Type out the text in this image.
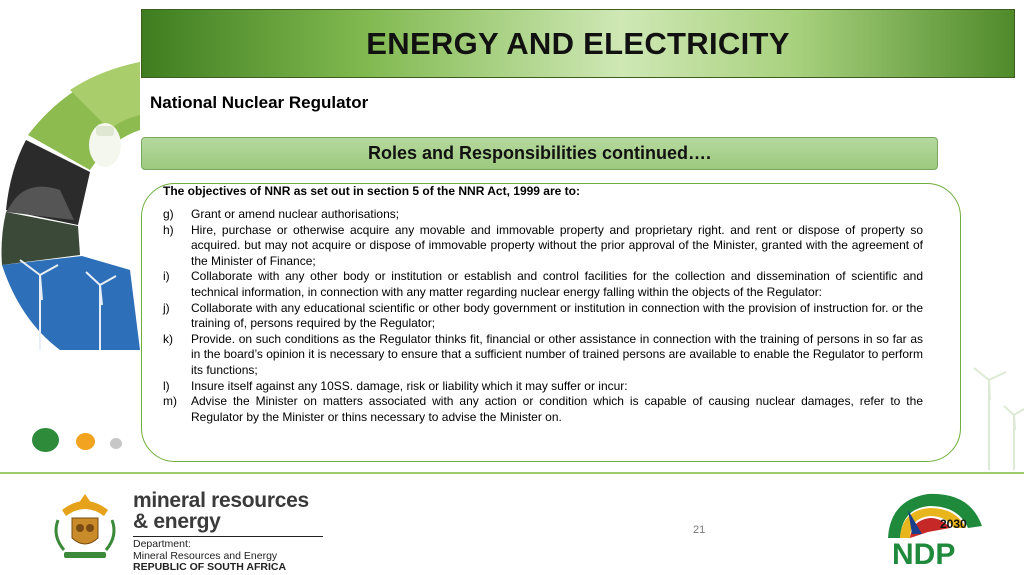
ENERGY AND ELECTRICITY
National Nuclear Regulator
Roles and Responsibilities continued….
The objectives of NNR as set out in section 5 of the NNR Act, 1999 are to:
g)	Grant or amend nuclear authorisations;
h)	Hire, purchase or otherwise acquire any movable and immovable property and proprietary right. and rent or dispose of property so acquired. but may not acquire or dispose of immovable property without the prior approval of the Minister, granted with the agreement of the Minister of Finance;
i)	Collaborate with any other body or institution or establish and control facilities for the collection and dissemination of scientific and technical information, in connection with any matter regarding nuclear energy falling within the objects of the Regulator:
j)	Collaborate with any educational scientific or other body government or institution in connection with the provision of instruction for. or the training of, persons required by the Regulator;
k)	Provide. on such conditions as the Regulator thinks fit, financial or other assistance in connection with the training of persons in so far as in the board’s opinion it is necessary to ensure that a sufficient number of trained persons are available to enable the Regulator to perform its functions;
l)	Insure itself against any 10SS. damage, risk or liability which it may suffer or incur:
m)	Advise the Minister on matters associated with any action or condition which is capable of causing nuclear damages, refer to the Regulator by the Minister or thins necessary to advise the Minister on.
mineral resources
& energy
Department:
Mineral Resources and Energy
REPUBLIC OF SOUTH AFRICA
21	2030
NDP
